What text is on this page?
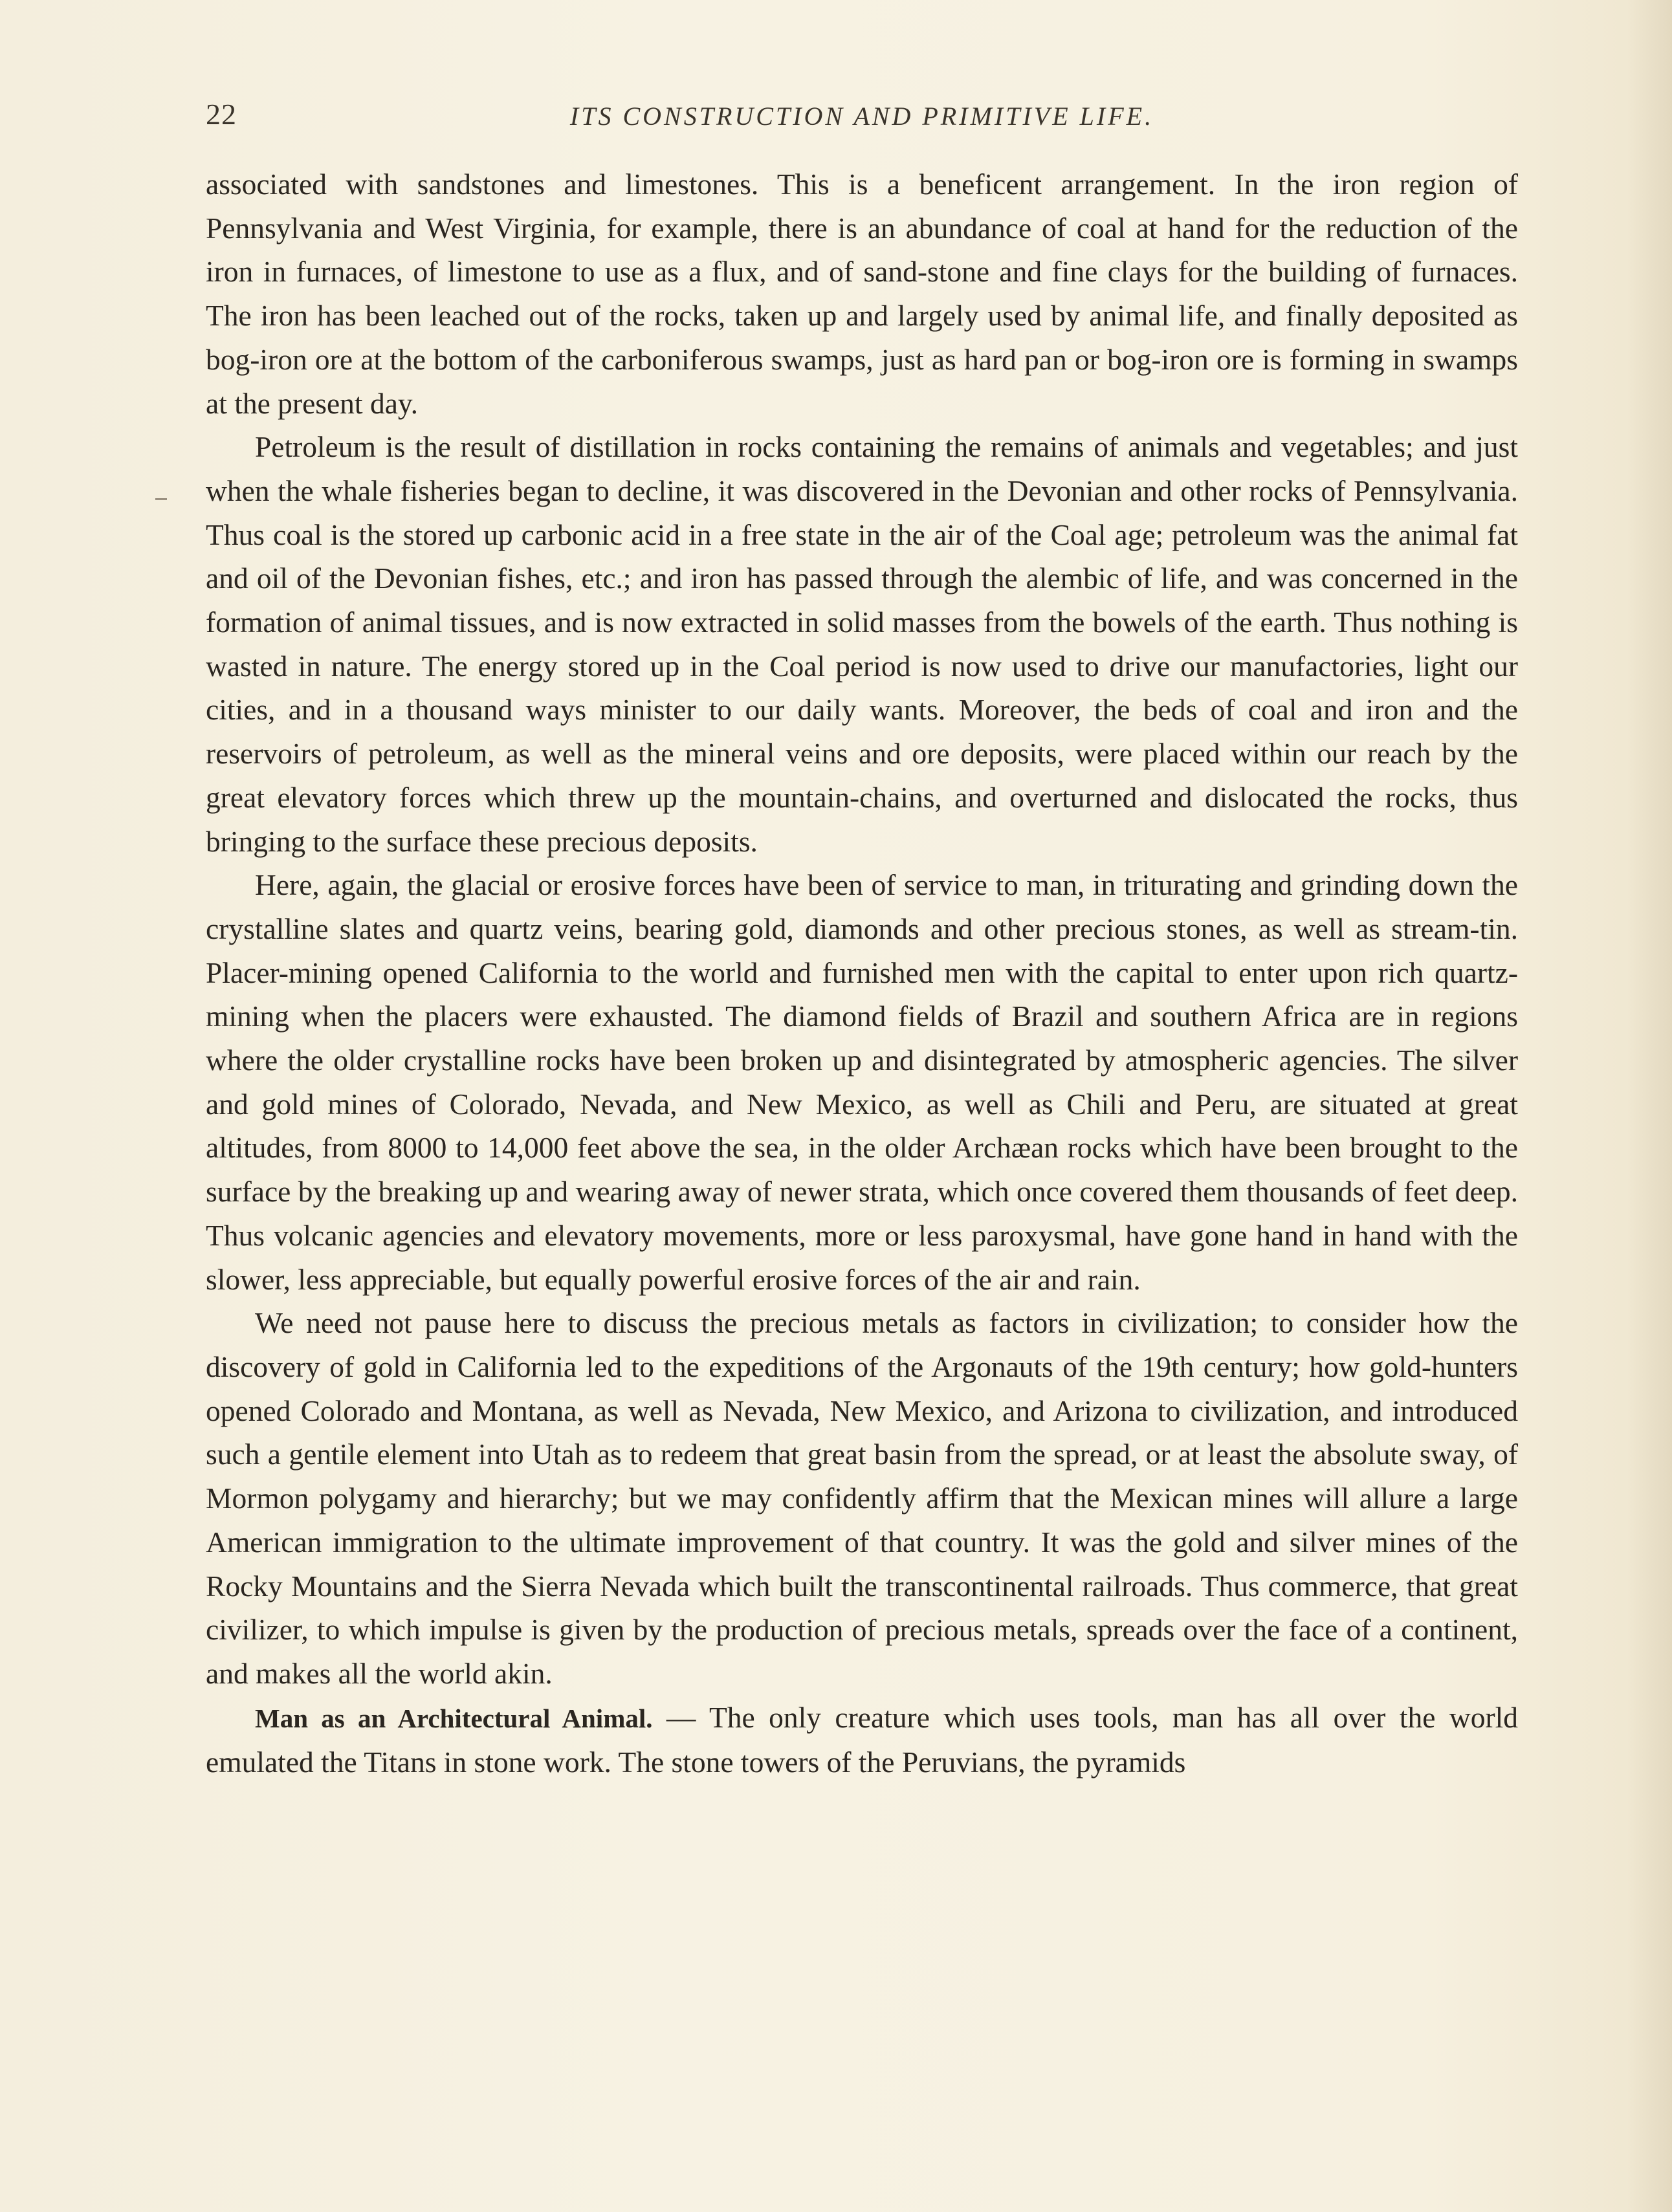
22	ITS CONSTRUCTION AND PRIMITIVE LIFE.

associated with sandstones and limestones. This is a beneficent arrangement. In the iron region of Pennsylvania and West Virginia, for example, there is an abundance of coal at hand for the reduction of the iron in furnaces, of limestone to use as a flux, and of sand-stone and fine clays for the building of furnaces. The iron has been leached out of the rocks, taken up and largely used by animal life, and finally deposited as bog-iron ore at the bottom of the carboniferous swamps, just as hard pan or bog-iron ore is forming in swamps at the present day.

Petroleum is the result of distillation in rocks containing the remains of animals and vegetables; and just when the whale fisheries began to decline, it was discovered in the Devonian and other rocks of Pennsylvania. Thus coal is the stored up carbonic acid in a free state in the air of the Coal age; petroleum was the animal fat and oil of the Devonian fishes, etc.; and iron has passed through the alembic of life, and was concerned in the formation of animal tissues, and is now extracted in solid masses from the bowels of the earth. Thus nothing is wasted in nature. The energy stored up in the Coal period is now used to drive our manufactories, light our cities, and in a thousand ways minister to our daily wants. Moreover, the beds of coal and iron and the reservoirs of petroleum, as well as the mineral veins and ore deposits, were placed within our reach by the great elevatory forces which threw up the mountain-chains, and overturned and dislocated the rocks, thus bringing to the surface these precious deposits.

Here, again, the glacial or erosive forces have been of service to man, in triturating and grinding down the crystalline slates and quartz veins, bearing gold, diamonds and other precious stones, as well as stream-tin. Placer-mining opened California to the world and furnished men with the capital to enter upon rich quartz-mining when the placers were exhausted. The diamond fields of Brazil and southern Africa are in regions where the older crystalline rocks have been broken up and disintegrated by atmospheric agencies. The silver and gold mines of Colorado, Nevada, and New Mexico, as well as Chili and Peru, are situated at great altitudes, from 8000 to 14,000 feet above the sea, in the older Archæan rocks which have been brought to the surface by the breaking up and wearing away of newer strata, which once covered them thousands of feet deep. Thus volcanic agencies and elevatory movements, more or less paroxysmal, have gone hand in hand with the slower, less appreciable, but equally powerful erosive forces of the air and rain.

We need not pause here to discuss the precious metals as factors in civilization; to consider how the discovery of gold in California led to the expeditions of the Argonauts of the 19th century; how gold-hunters opened Colorado and Montana, as well as Nevada, New Mexico, and Arizona to civilization, and introduced such a gentile element into Utah as to redeem that great basin from the spread, or at least the absolute sway, of Mormon polygamy and hierarchy; but we may confidently affirm that the Mexican mines will allure a large American immigration to the ultimate improvement of that country. It was the gold and silver mines of the Rocky Mountains and the Sierra Nevada which built the transcontinental railroads. Thus commerce, that great civilizer, to which impulse is given by the production of precious metals, spreads over the face of a continent, and makes all the world akin.

Man as an Architectural Animal. — The only creature which uses tools, man has all over the world emulated the Titans in stone work. The stone towers of the Peruvians, the pyramids
